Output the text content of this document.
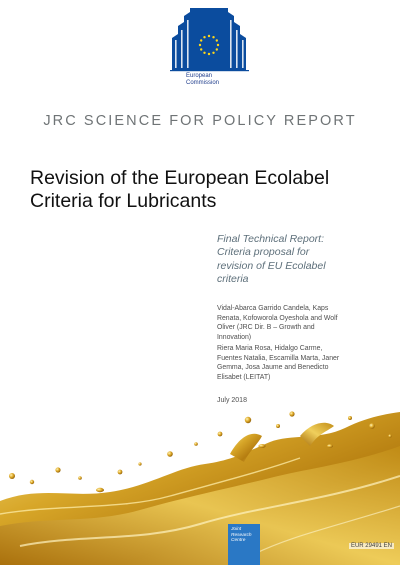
European
Commission
JRC SCIENCE FOR POLICY REPORT
Revision of the European Ecolabel
Criteria for Lubricants
Final Technical Report:
Criteria proposal for
revision of EU Ecolabel
criteria
Vidal-Abarca Garrido Candela, Kaps
Renata, Kofoworola Oyeshola and Wolf
Oliver (JRC Dir. B – Growth and
Innovation)
Riera Maria Rosa, Hidalgo Carme,
Fuentes Natalia, Escamilla Marta, Janer
Gemma, Josa Jaume and Benedicto
Elisabet (LEITAT)
July 2018
Joint
Research
Centre
EUR 29491 EN
